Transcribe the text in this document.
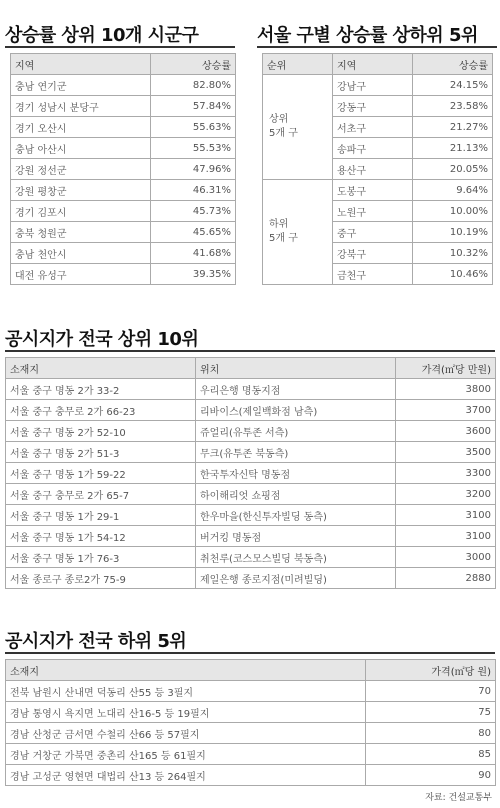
상승률 상위 10개 시군구
지역	상승률
충남 연기군	82.80%
경기 성남시 분당구	57.84%
경기 오산시	55.63%
충남 아산시	55.53%
강원 정선군	47.96%
강원 평창군	46.31%
경기 김포시	45.73%
충북 청원군	45.65%
충남 천안시	41.68%
대전 유성구	39.35%
서울 구별 상승률 상하위 5위
순위	지역	상승률
상위
5개 구	강남구	24.15%
	강동구	23.58%
	서초구	21.27%
	송파구	21.13%
	용산구	20.05%
하위
5개 구	도봉구	9.64%
	노원구	10.00%
	중구	10.19%
	강북구	10.32%
	금천구	10.46%
공시지가 전국 상위 10위
소재지	위치	가격(㎡당 만원)
서울 중구 명동 2가 33-2	우리은행 명동지점	3800
서울 중구 충무로 2가 66-23	리바이스(제일백화점 남측)	3700
서울 중구 명동 2가 52-10	쥬얼리(유투존 서측)	3600
서울 중구 명동 2가 51-3	무크(유투존 북동측)	3500
서울 중구 명동 1가 59-22	한국투자신탁 명동점	3300
서울 중구 충무로 2가 65-7	하이해리엇 쇼핑점	3200
서울 중구 명동 1가 29-1	한우마을(한신투자빌딩 동측)	3100
서울 중구 명동 1가 54-12	버거킹 명동점	3100
서울 중구 명동 1가 76-3	취천루(코스모스빌딩 북동측)	3000
서울 종로구 종로2가 75-9	제일은행 종로지점(미려빌딩)	2880
공시지가 전국 하위 5위
소재지	가격(㎡당 원)
전북 남원시 산내면 덕동리 산55 등 3필지	70
경남 통영시 욕지면 노대리 산16-5 등 19필지	75
경남 산청군 금서면 수철리 산66 등 57필지	80
경남 거창군 가북면 중촌리 산165 등 61필지	85
경남 고성군 영현면 대법리 산13 등 264필지	90
자료: 건설교통부
